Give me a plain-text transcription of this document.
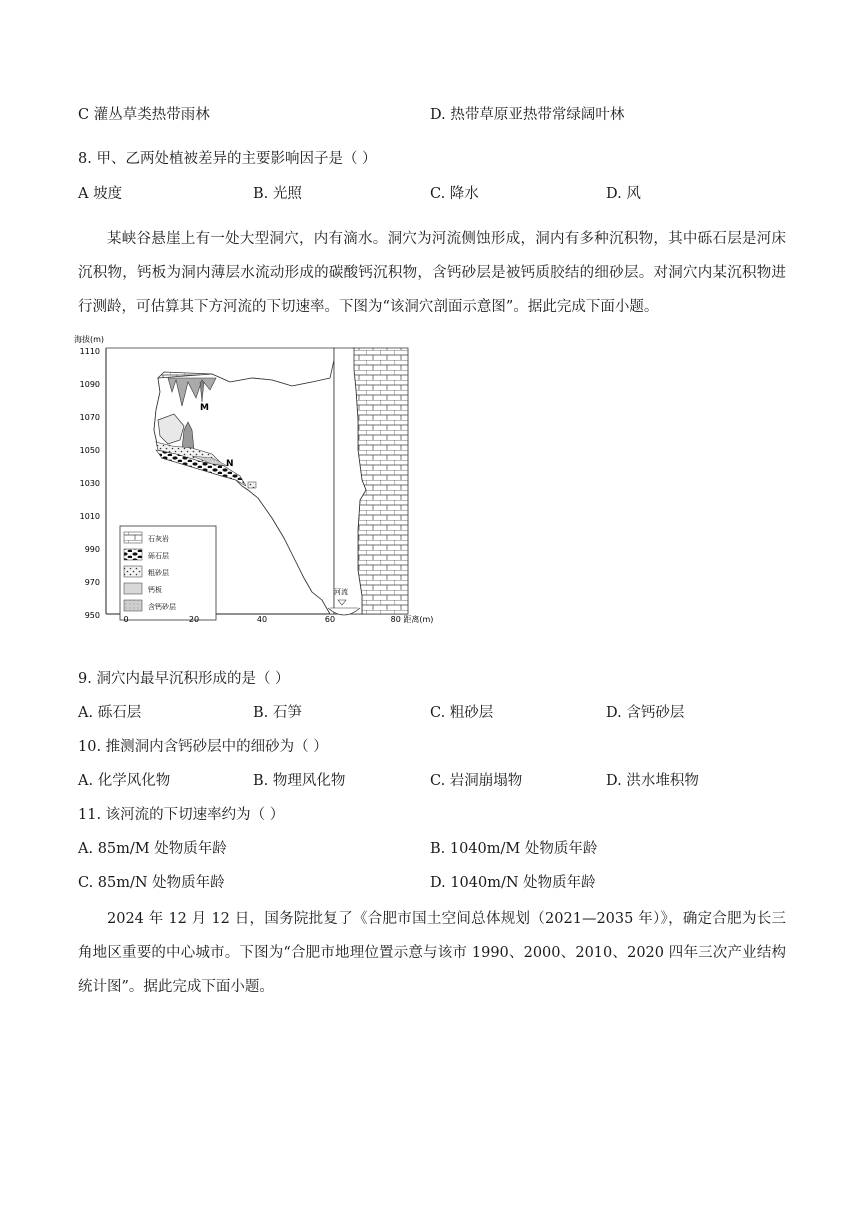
C 灌丛草类热带雨林	D. 热带草原亚热带常绿阔叶林
8. 甲、乙两处植被差异的主要影响因子是（ ）
A 坡度	B. 光照	C. 降水	D. 风
某峡谷悬崖上有一处大型洞穴，内有滴水。洞穴为河流侧蚀形成，洞内有多种沉积物，其中砾石层是河床沉积物，钙板为洞内薄层水流动形成的碳酸钙沉积物，含钙砂层是被钙质胶结的细砂层。对洞穴内某沉积物进行测龄，可估算其下方河流的下切速率。下图为“该洞穴剖面示意图”。据此完成下面小题。
海拔(m)
1110
1090
1070
1050
1030
1010
990
970
950
M
N
河流
石灰岩
砾石层
粗砂层
钙板
含钙砂层
0	20	40	60	80 距离(m)
9. 洞穴内最早沉积形成的是（ ）
A. 砾石层	B. 石笋	C. 粗砂层	D. 含钙砂层
10. 推测洞内含钙砂层中的细砂为（ ）
A. 化学风化物	B. 物理风化物	C. 岩洞崩塌物	D. 洪水堆积物
11. 该河流的下切速率约为（ ）
A. 85m/M 处物质年龄	B. 1040m/M 处物质年龄
C. 85m/N 处物质年龄	D. 1040m/N 处物质年龄
2024 年 12 月 12 日，国务院批复了《合肥市国土空间总体规划（2021—2035 年）》，确定合肥为长三角地区重要的中心城市。下图为“合肥市地理位置示意与该市 1990、2000、2010、2020 四年三次产业结构统计图”。据此完成下面小题。
